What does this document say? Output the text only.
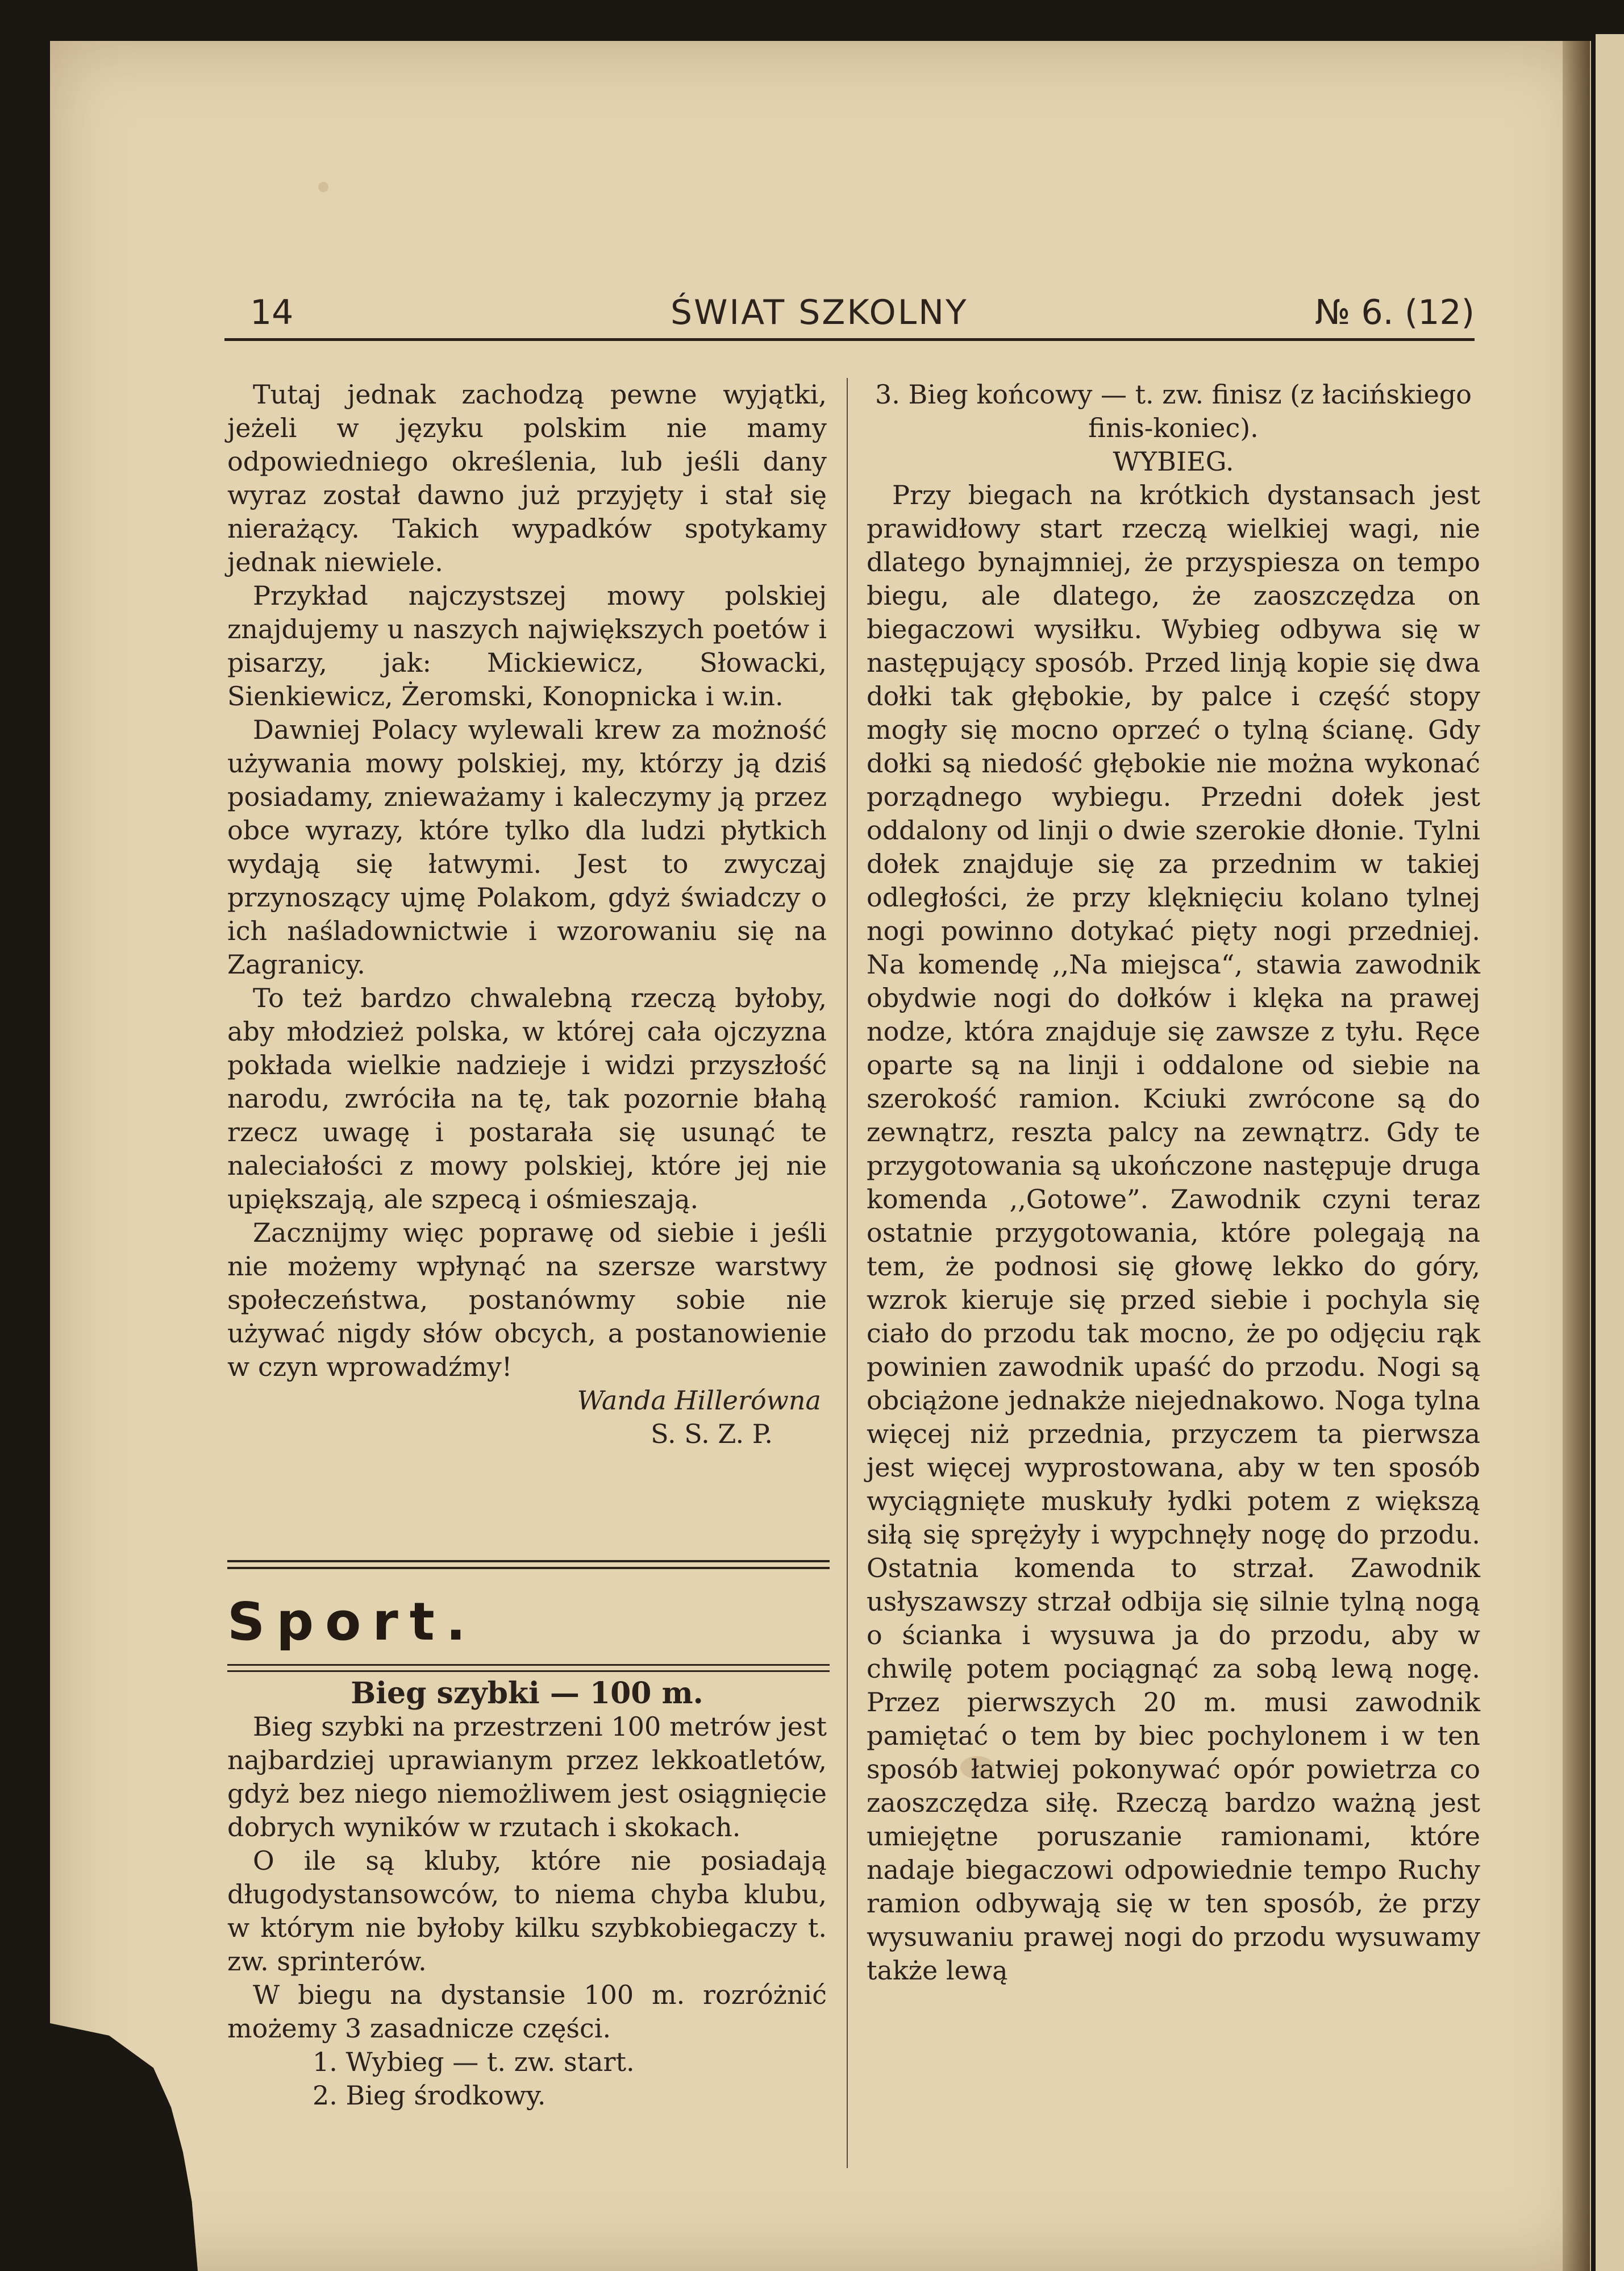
14	ŚWIAT SZKOLNY	№ 6. (12)

Tutaj jednak zachodzą pewne wyjątki, jeżeli w języku polskim nie mamy odpowiedniego określenia, lub jeśli dany wyraz został dawno już przyjęty i stał się nierażący. Takich wypadków spotykamy jednak niewiele.

Przykład najczystszej mowy polskiej znajdujemy u naszych największych poetów i pisarzy, jak: Mickiewicz, Słowacki, Sienkiewicz, Żeromski, Konopnicka i w.in.

Dawniej Polacy wylewali krew za możność używania mowy polskiej, my, którzy ją dziś posiadamy, znieważamy i kaleczymy ją przez obce wyrazy, które tylko dla ludzi płytkich wydają się łatwymi. Jest to zwyczaj przynoszący ujmę Polakom, gdyż świadczy o ich naśladownictwie i wzorowaniu się na Zagranicy.

To też bardzo chwalebną rzeczą byłoby, aby młodzież polska, w której cała ojczyzna pokłada wielkie nadzieje i widzi przyszłość narodu, zwróciła na tę, tak pozornie błahą rzecz uwagę i postarała się usunąć te naleciałości z mowy polskiej, które jej nie upiększają, ale szpecą i ośmieszają.

Zacznijmy więc poprawę od siebie i jeśli nie możemy wpłynąć na szersze warstwy społeczeństwa, postanówmy sobie nie używać nigdy słów obcych, a postanowienie w czyn wprowadźmy!

Wanda Hillerówna
S. S. Z. P.
Sport.

Bieg szybki — 100 m.

Bieg szybki na przestrzeni 100 metrów jest najbardziej uprawianym przez lekkoatletów, gdyż bez niego niemożliwem jest osiągnięcie dobrych wyników w rzutach i skokach.

O ile są kluby, które nie posiadają długodystansowców, to niema chyba klubu, w którym nie byłoby kilku szybkobiegaczy t. zw. sprinterów.

W biegu na dystansie 100 m. rozróżnić możemy 3 zasadnicze części.

1. Wybieg — t. zw. start.

2. Bieg środkowy.

3. Bieg końcowy — t. zw. finisz (z łacińskiego finis-koniec).

WYBIEG.

Przy biegach na krótkich dystansach jest prawidłowy start rzeczą wielkiej wagi, nie dlatego bynajmniej, że przyspiesza on tempo biegu, ale dlatego, że zaoszczędza on biegaczowi wysiłku. Wybieg odbywa się w następujący sposób. Przed linją kopie się dwa dołki tak głębokie, by palce i część stopy mogły się mocno oprzeć o tylną ścianę. Gdy dołki są niedość głębokie nie można wykonać porządnego wybiegu. Przedni dołek jest oddalony od linji o dwie szerokie dłonie. Tylni dołek znajduje się za przednim w takiej odległości, że przy klęknięciu kolano tylnej nogi powinno dotykać pięty nogi przedniej. Na komendę ,,Na miejsca“, stawia zawodnik obydwie nogi do dołków i klęka na prawej nodze, która znajduje się zawsze z tyłu. Ręce oparte są na linji i oddalone od siebie na szerokość ramion. Kciuki zwrócone są do zewnątrz, reszta palcy na zewnątrz. Gdy te przygotowania są ukończone następuje druga komenda ,,Gotowe”. Zawodnik czyni teraz ostatnie przygotowania, które polegają na tem, że podnosi się głowę lekko do góry, wzrok kieruje się przed siebie i pochyla się ciało do przodu tak mocno, że po odjęciu rąk powinien zawodnik upaść do przodu. Nogi są obciążone jednakże niejednakowo. Noga tylna więcej niż przednia, przyczem ta pierwsza jest więcej wyprostowana, aby w ten sposób wyciągnięte muskuły łydki potem z większą siłą się sprężyły i wypchnęły nogę do przodu. Ostatnia komenda to strzał. Zawodnik usłyszawszy strzał odbija się silnie tylną nogą o ścianka i wysuwa ja do przodu, aby w chwilę potem pociągnąć za sobą lewą nogę. Przez pierwszych 20 m. musi zawodnik pamiętać o tem by biec pochylonem i w ten sposób łatwiej pokonywać opór powietrza co zaoszczędza siłę. Rzeczą bardzo ważną jest umiejętne poruszanie ramionami, które nadaje biegaczowi odpowiednie tempo Ruchy ramion odbywają się w ten sposób, że przy wysuwaniu prawej nogi do przodu wysuwamy także lewą
